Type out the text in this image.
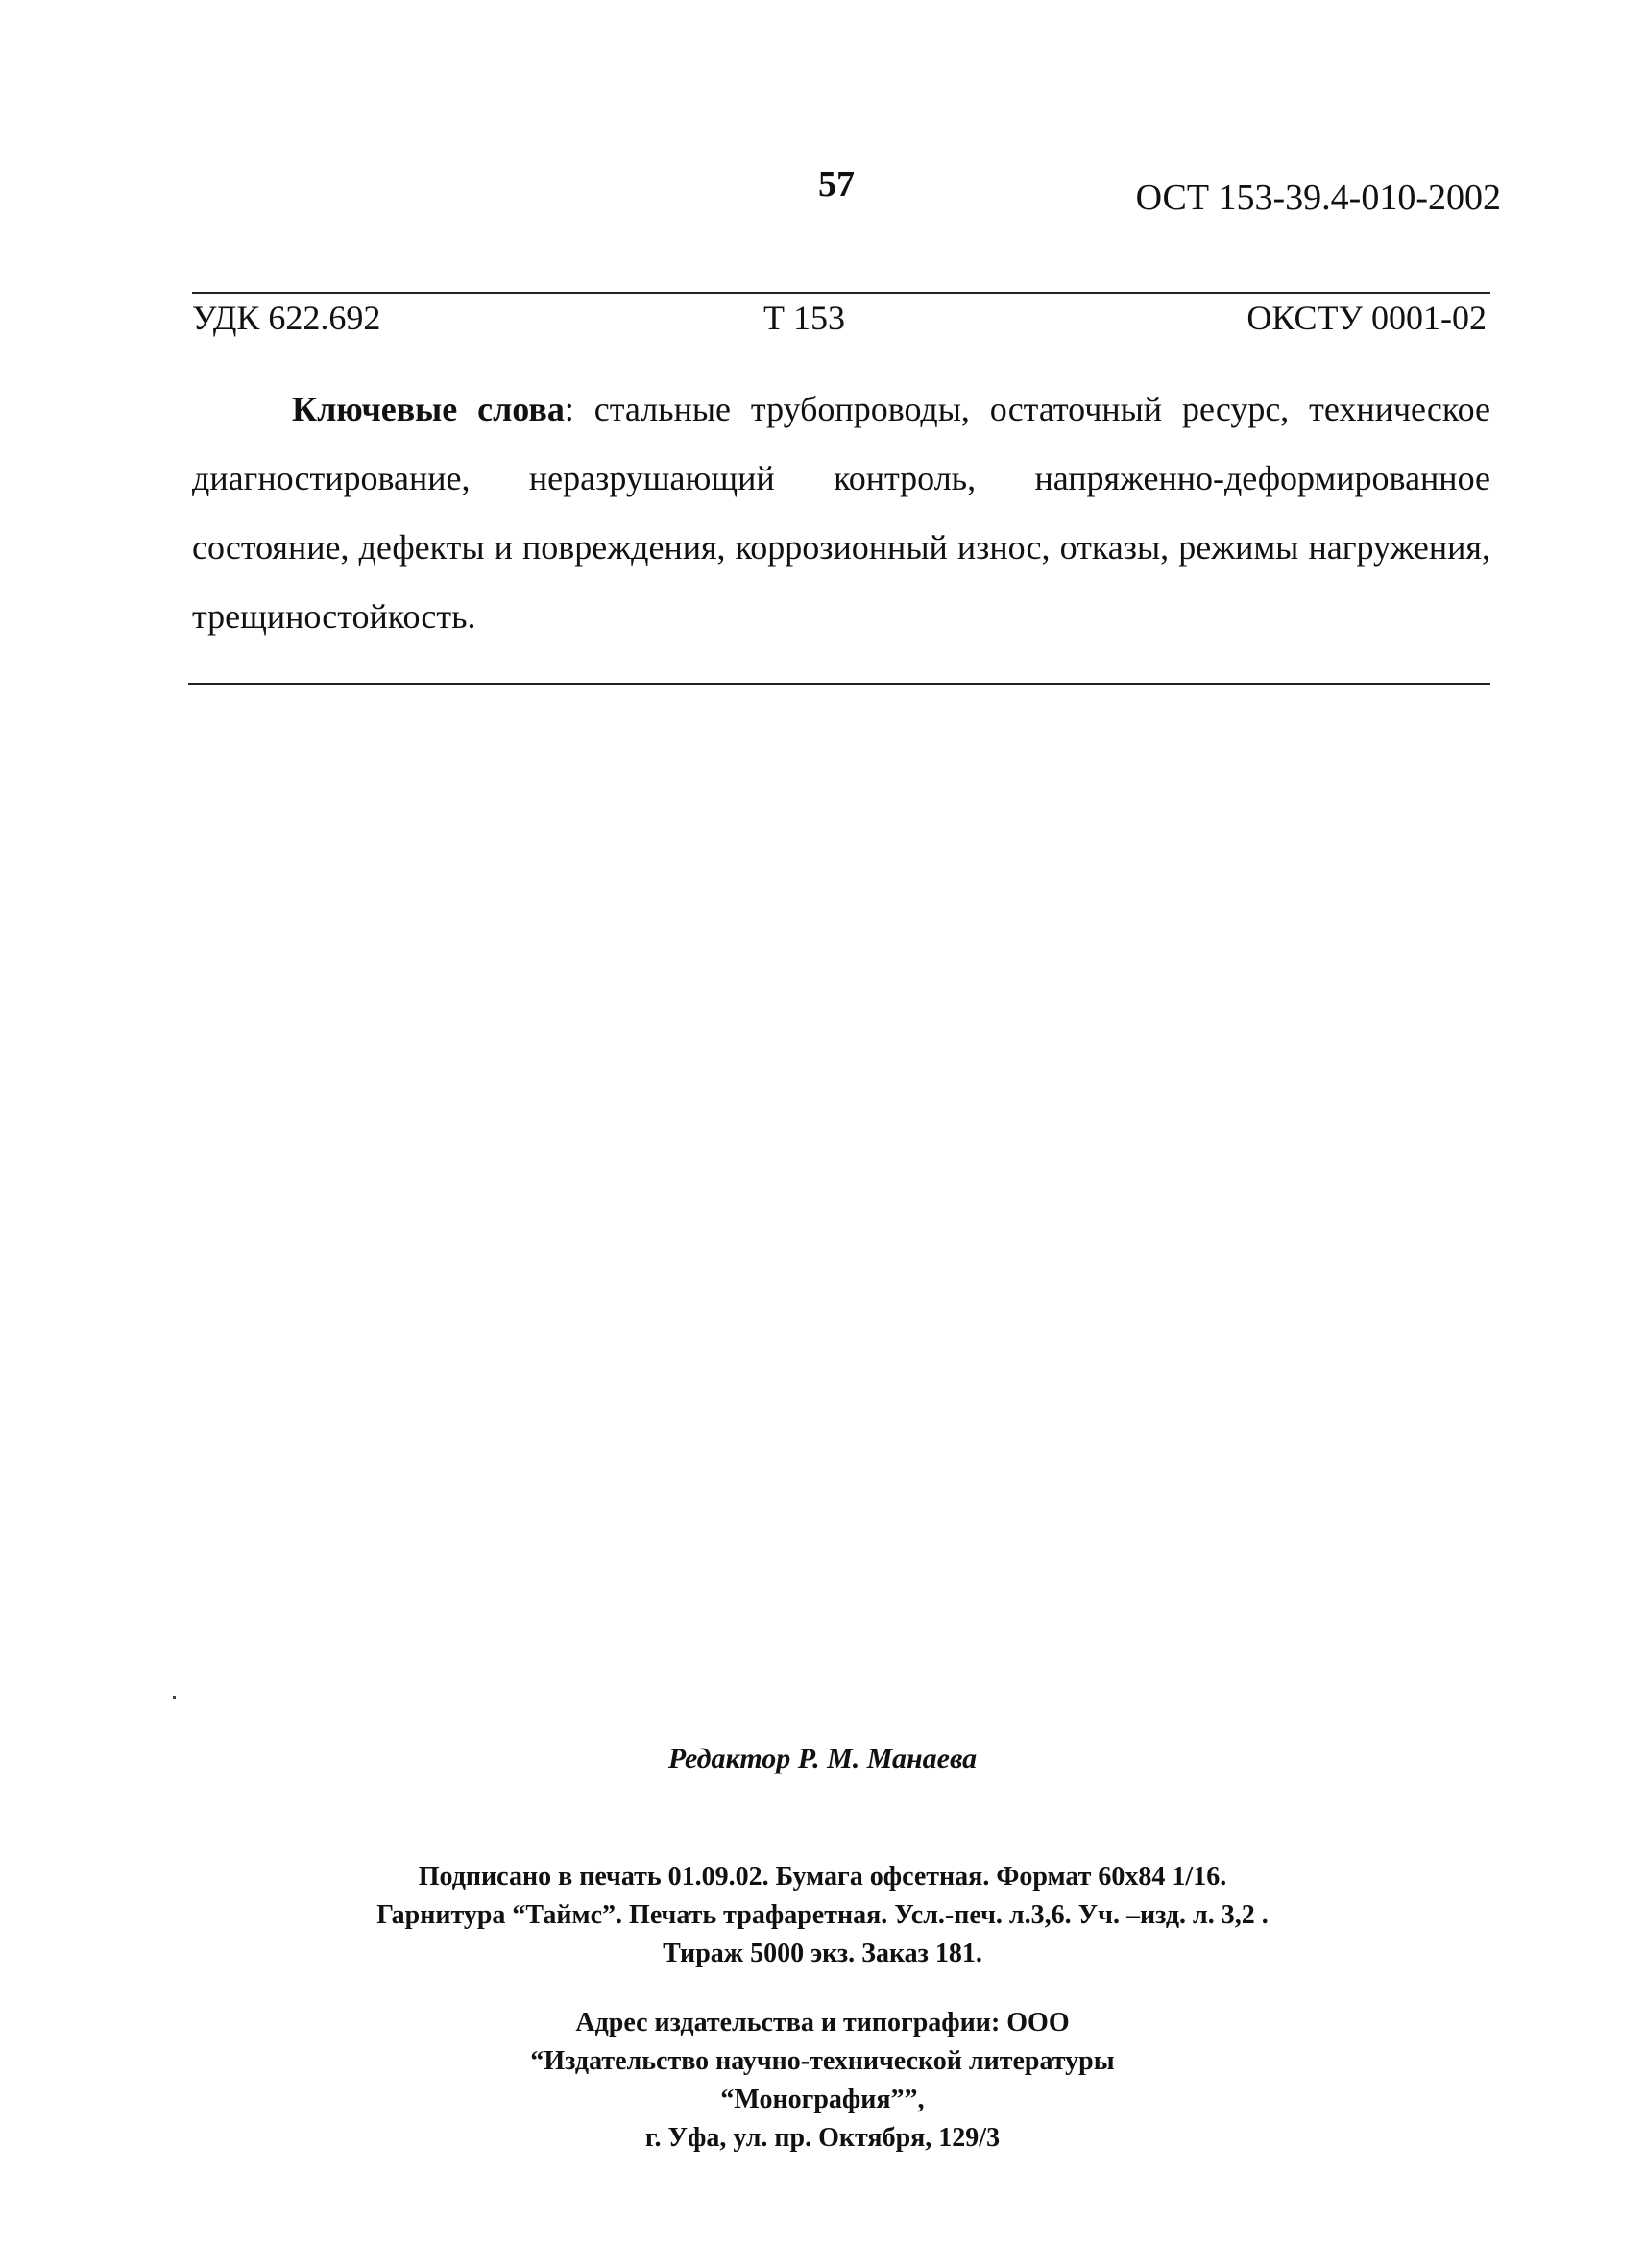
57	ОСТ 153-39.4-010-2002
УДК 622.692	Т 153	ОКСТУ 0001-02

Ключевые слова: стальные трубопроводы, остаточный ресурс, техническое диагностирование, неразрушающий контроль, напряженно-деформированное состояние, дефекты и повреждения, коррозионный износ, отказы, режимы нагружения, трещиностойкость.

Редактор Р. М. Манаева
Подписано в печать 01.09.02. Бумага офсетная. Формат 60х84 1/16.
Гарнитура “Таймс”. Печать трафаретная. Усл.-печ. л.3,6. Уч. –изд. л. 3,2 .
Тираж 5000 экз. Заказ 181.
Адрес издательства и типографии: ООО
“Издательство научно-технической литературы
“Монография””,
г. Уфа, ул. пр. Октября, 129/3
